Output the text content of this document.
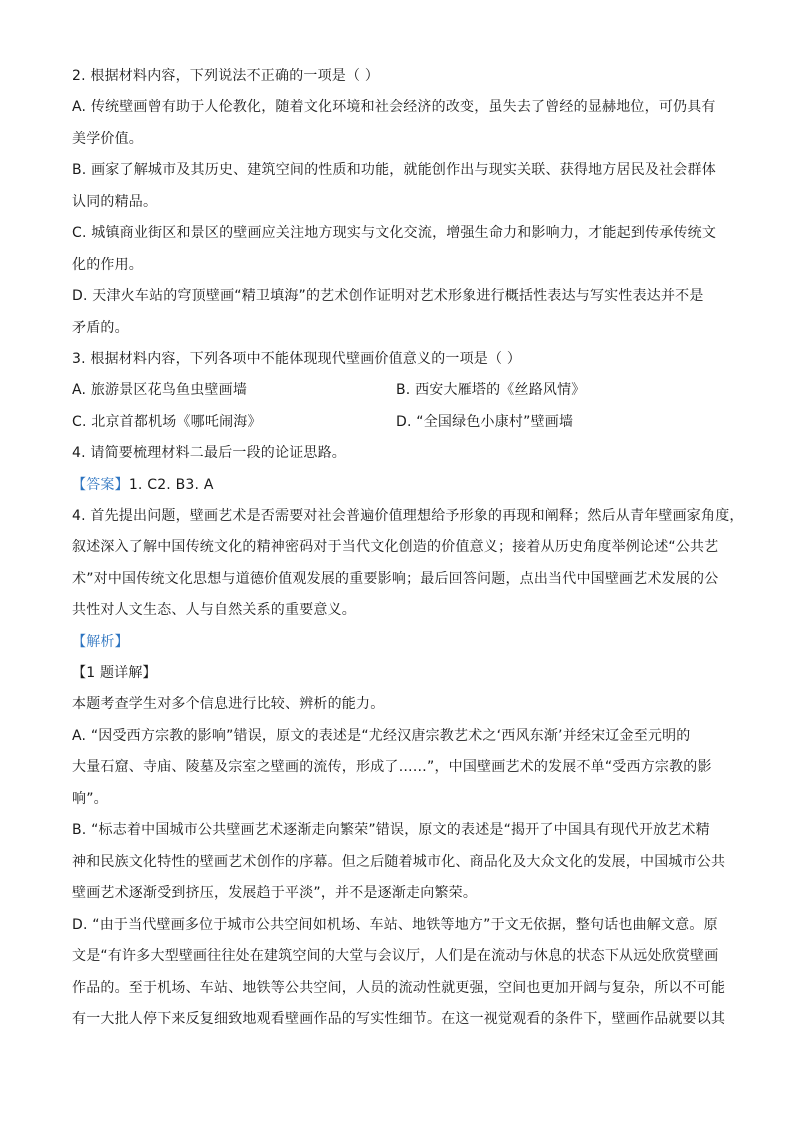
2. 根据材料内容，下列说法不正确的一项是（ ）
A. 传统壁画曾有助于人伦教化，随着文化环境和社会经济的改变，虽失去了曾经的显赫地位，可仍具有
美学价值。
B. 画家了解城市及其历史、建筑空间的性质和功能，就能创作出与现实关联、获得地方居民及社会群体
认同的精品。
C. 城镇商业街区和景区的壁画应关注地方现实与文化交流，增强生命力和影响力，才能起到传承传统文
化的作用。
D. 天津火车站的穹顶壁画“精卫填海”的艺术创作证明对艺术形象进行概括性表达与写实性表达并不是
矛盾的。
3. 根据材料内容，下列各项中不能体现现代壁画价值意义的一项是（ ）
A. 旅游景区花鸟鱼虫壁画墙	B. 西安大雁塔的《丝路风情》
C. 北京首都机场《哪吒闹海》	D. “全国绿色小康村”壁画墙
4. 请简要梳理材料二最后一段的论证思路。
【答案】1. C2. B3. A
4. 首先提出问题，壁画艺术是否需要对社会普遍价值理想给予形象的再现和阐释；然后从青年壁画家角度，
叙述深入了解中国传统文化的精神密码对于当代文化创造的价值意义；接着从历史角度举例论述“公共艺
术”对中国传统文化思想与道德价值观发展的重要影响；最后回答问题，点出当代中国壁画艺术发展的公
共性对人文生态、人与自然关系的重要意义。
【解析】
【1 题详解】
本题考查学生对多个信息进行比较、辨析的能力。
A. “因受西方宗教的影响”错误，原文的表述是“尤经汉唐宗教艺术之‘西风东渐’并经宋辽金至元明的
大量石窟、寺庙、陵墓及宗室之壁画的流传，形成了……”，中国壁画艺术的发展不单“受西方宗教的影
响”。
B. “标志着中国城市公共壁画艺术逐渐走向繁荣”错误，原文的表述是“揭开了中国具有现代开放艺术精
神和民族文化特性的壁画艺术创作的序幕。但之后随着城市化、商品化及大众文化的发展，中国城市公共
壁画艺术逐渐受到挤压，发展趋于平淡”，并不是逐渐走向繁荣。
D. “由于当代壁画多位于城市公共空间如机场、车站、地铁等地方”于文无依据，整句话也曲解文意。原
文是“有许多大型壁画往往处在建筑空间的大堂与会议厅，人们是在流动与休息的状态下从远处欣赏壁画
作品的。至于机场、车站、地铁等公共空间，人员的流动性就更强，空间也更加开阔与复杂，所以不可能
有一大批人停下来反复细致地观看壁画作品的写实性细节。在这一视觉观看的条件下，壁画作品就要以其
